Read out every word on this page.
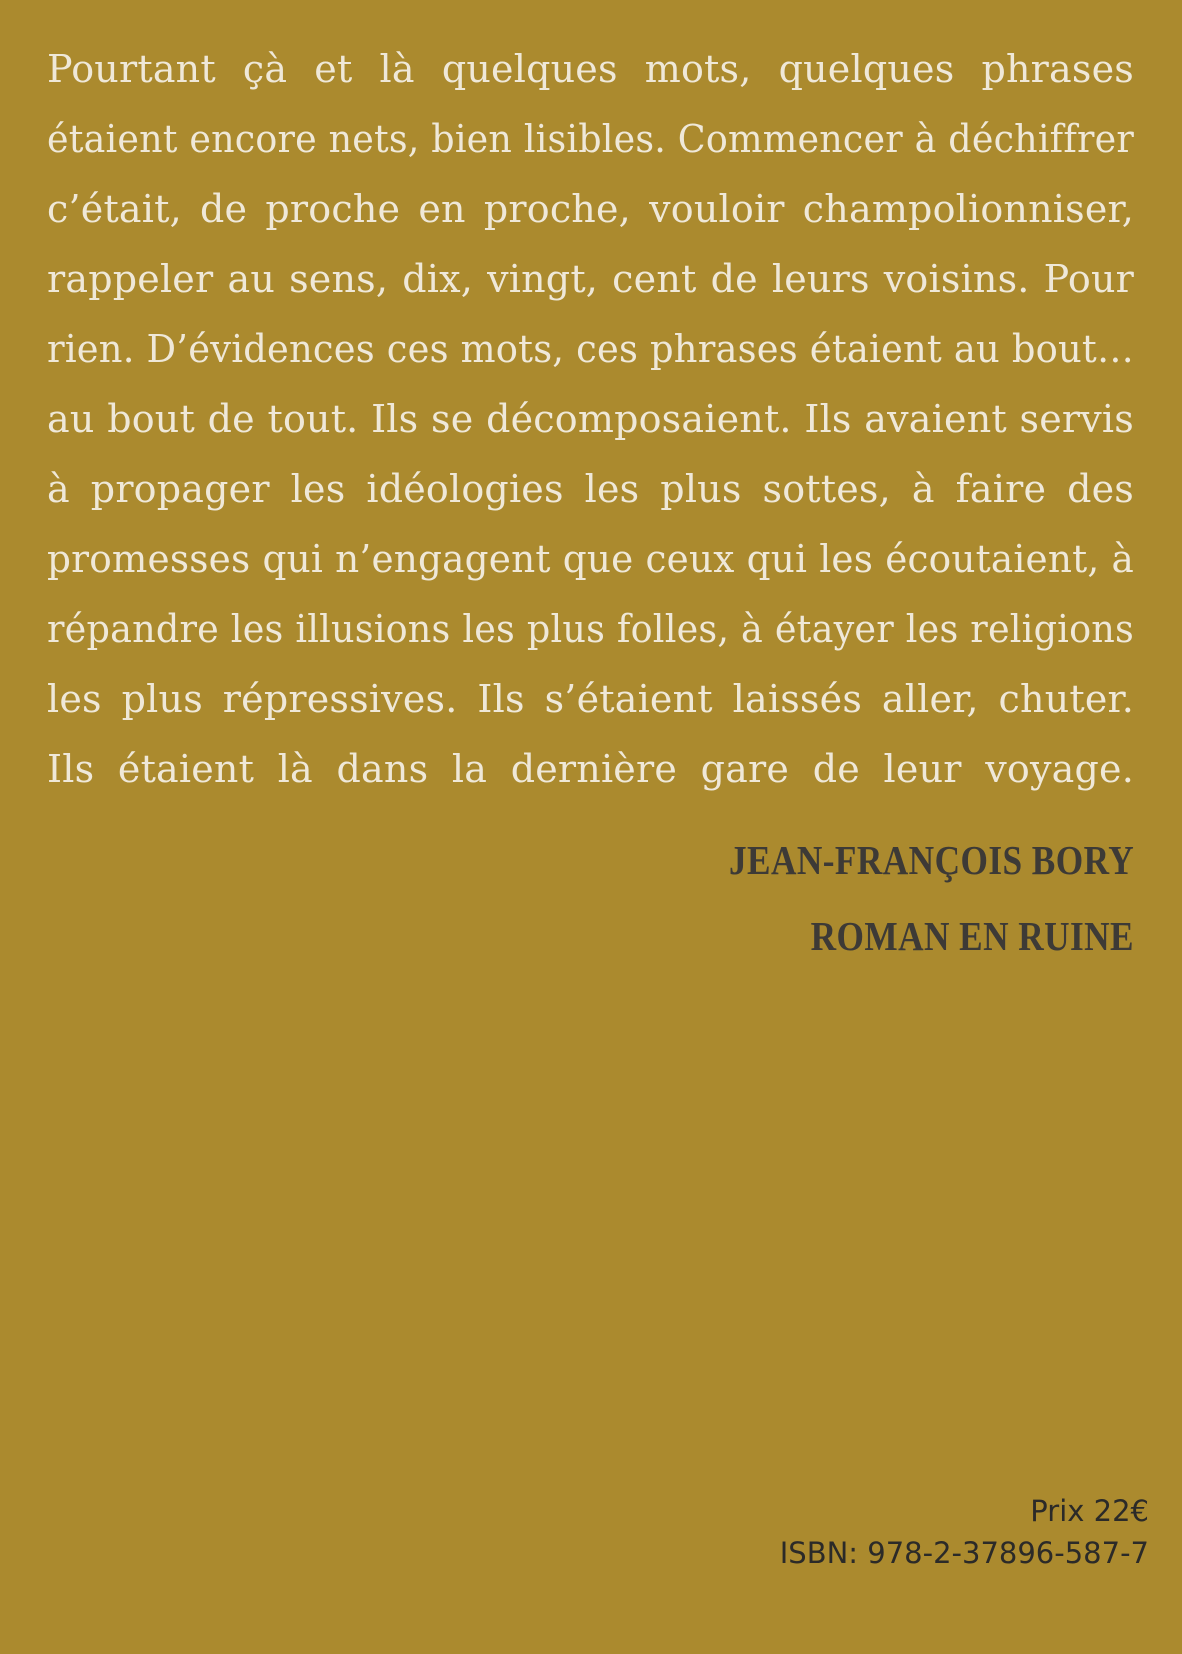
Pourtant çà et là quelques mots, quelques phrases
étaient encore nets, bien lisibles. Commencer à déchiffrer
c’était, de proche en proche, vouloir champolionniser,
rappeler au sens, dix, vingt, cent de leurs voisins. Pour
rien. D’évidences ces mots, ces phrases étaient au bout…
au bout de tout. Ils se décomposaient. Ils avaient servis
à propager les idéologies les plus sottes, à faire des
promesses qui n’engagent que ceux qui les écoutaient, à
répandre les illusions les plus folles, à étayer les religions
les plus répressives. Ils s’étaient laissés aller, chuter.
Ils étaient là dans la dernière gare de leur voyage.

JEAN-FRANÇOIS BORY

ROMAN EN RUINE

Prix 22€

ISBN: 978-2-37896-587-7
